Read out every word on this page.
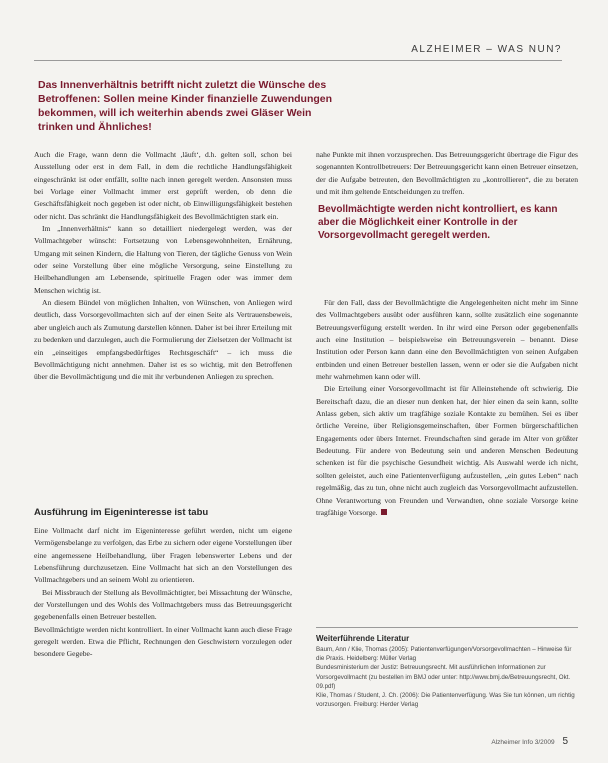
ALZHEIMER – WAS NUN?
Das Innenverhältnis betrifft nicht zuletzt die Wünsche des Betroffenen: Sollen meine Kinder finanzielle Zuwendungen bekommen, will ich weiterhin abends zwei Gläser Wein trinken und Ähnliches!

Auch die Frage, wann denn die Vollmacht ,läuft‘, d.h. gelten soll, schon bei Ausstellung oder erst in dem Fall, in dem die rechtliche Handlungsfähigkeit eingeschränkt ist oder entfällt, sollte nach innen geregelt werden. Ansonsten muss bei Vorlage einer Vollmacht immer erst geprüft werden, ob denn die Geschäftsfähigkeit noch gegeben ist oder nicht, ob Einwilligungsfähigkeit bestehen oder nicht. Das schränkt die Handlungsfähigkeit des Bevollmächtigten stark ein.

Im „Innenverhältnis“ kann so detailliert niedergelegt werden, was der Vollmachtgeber wünscht: Fortsetzung von Lebensgewohnheiten, Ernährung, Umgang mit seinen Kindern, die Haltung von Tieren, der tägliche Genuss von Wein oder seine Vorstellung über eine mögliche Versorgung, seine Einstellung zu Heilbehandlungen am Lebensende, spirituelle Fragen oder was immer dem Menschen wichtig ist.

An diesem Bündel von möglichen Inhalten, von Wünschen, von Anliegen wird deutlich, dass Vorsorgevollmachten sich auf der einen Seite als Vertrauensbeweis, aber ungleich auch als Zumutung darstellen können. Daher ist bei ihrer Erteilung mit zu bedenken und darzulegen, auch die Formulierung der Zielsetzen der Vollmacht ist ein „einseitiges empfangsbedürftiges Rechtsgeschäft“ – ich muss die Bevollmächtigung nicht annehmen. Daher ist es so wichtig, mit den Betroffenen über die Bevollmächtigung und die mit ihr verbundenen Anliegen zu sprechen.

Ausführung im Eigeninteresse ist tabu

Eine Vollmacht darf nicht im Eigeninteresse geführt werden, nicht um eigene Vermögensbelange zu verfolgen, das Erbe zu sichern oder eigene Vorstellungen über eine angemessene Heilbehandlung, über Fragen lebenswerter Lebens und der Lebensführung durchzusetzen. Eine Vollmacht hat sich an den Vorstellungen des Vollmachtgebers und an seinem Wohl zu orientieren.

Bei Missbrauch der Stellung als Bevollmächtigter, bei Missachtung der Wünsche, der Vorstellungen und des Wohls des Vollmachtgebers muss das Betreuungsgericht gegebenenfalls einen Betreuer bestellen.

Bevollmächtigte werden nicht kontrolliert. In einer Vollmacht kann auch diese Frage geregelt werden. Etwa die Pflicht, Rechnungen den Geschwistern vorzulegen oder besondere Gegebe-

nahe Punkte mit ihnen vorzusprechen. Das Betreuungsgericht übertrage die Figur des sogenannten Kontrollbetreuers: Der Betreuungsgericht kann einen Betreuer einsetzen, der die Aufgabe betreuten, den Bevollmächtigten zu „kontrollieren“, die zu beraten und mit ihm geltende Entscheidungen zu treffen.

Bevollmächtigte werden nicht kontrolliert, es kann aber die Möglichkeit einer Kontrolle in der Vorsorgevollmacht geregelt werden.

Für den Fall, dass der Bevollmächtigte die Angelegenheiten nicht mehr im Sinne des Vollmachtgebers ausübt oder ausführen kann, sollte zusätzlich eine sogenannte Betreuungsverfügung erstellt werden. In ihr wird eine Person oder gegebenenfalls auch eine Institution – beispielsweise ein Betreuungsverein – benannt. Diese Institution oder Person kann dann eine den Bevollmächtigten von seinen Aufgaben entbinden und einen Betreuer bestellen lassen, wenn er oder sie die Aufgaben nicht mehr wahrnehmen kann oder will.

Die Erteilung einer Vorsorgevollmacht ist für Alleinstehende oft schwierig. Die Bereitschaft dazu, die an dieser nun denken hat, der hier einen da sein kann, sollte Anlass geben, sich aktiv um tragfähige soziale Kontakte zu bemühen. Sei es über örtliche Vereine, über Religionsgemeinschaften, über Formen bürgerschaftlichen Engagements oder übers Internet. Freundschaften sind gerade im Alter von größter Bedeutung. Für andere von Bedeutung sein und anderen Menschen Bedeutung schenken ist für die psychische Gesundheit wichtig. Als Auswahl werde ich nicht, sollten geleistet, auch eine Patientenverfügung aufzustellen, „ein gutes Leben“ nach regelmäßig, das zu tun, ohne nicht auch zugleich das Vorsorgevollmacht aufzustellen. Ohne Verantwortung von Freunden und Verwandten, ohne soziale Vorsorge keine tragfähige Vorsorge.

Weiterführende Literatur
Baum, Ann / Klie, Thomas (2005): Patientenverfügungen/Vorsorgevollmachten – Hinweise für die Praxis. Heidelberg: Müller Verlag
Bundesministerium der Justiz: Betreuungsrecht. Mit ausführlichen Informationen zur Vorsorgevollmacht (zu bestellen im BMJ oder unter: http://www.bmj.de/Betreuungsrecht, Okt. 09.pdf)
Klie, Thomas / Student, J. Ch. (2006): Die Patientenverfügung. Was Sie tun können, um richtig vorzusorgen. Freiburg: Herder Verlag
Alzheimer Info 3/2009 5
